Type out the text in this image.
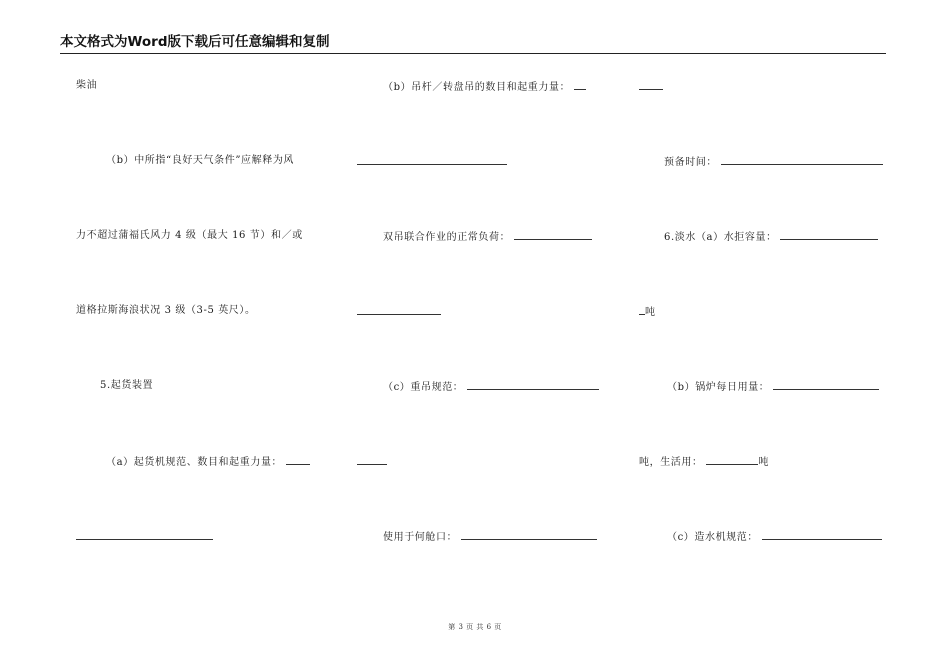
本文格式为Word版下载后可任意编辑和复制
柴油
（b）中所指“良好天气条件”应解释为风
力不超过蒲福氏风力 4 级（最大 16 节）和／或
道格拉斯海浪状况 3 级（3-5 英尺）。
5.起货装置
（a）起货机规范、数目和起重力量：
（b）吊杆／转盘吊的数目和起重力量：
双吊联合作业的正常负荷：
（c）重吊规范：
使用于何舱口：
预备时间：
6.淡水（a）水拒容量：
吨
（b）锅炉每日用量：
吨，生活用：	吨
（c）造水机规范：
第 3 页 共 6 页
